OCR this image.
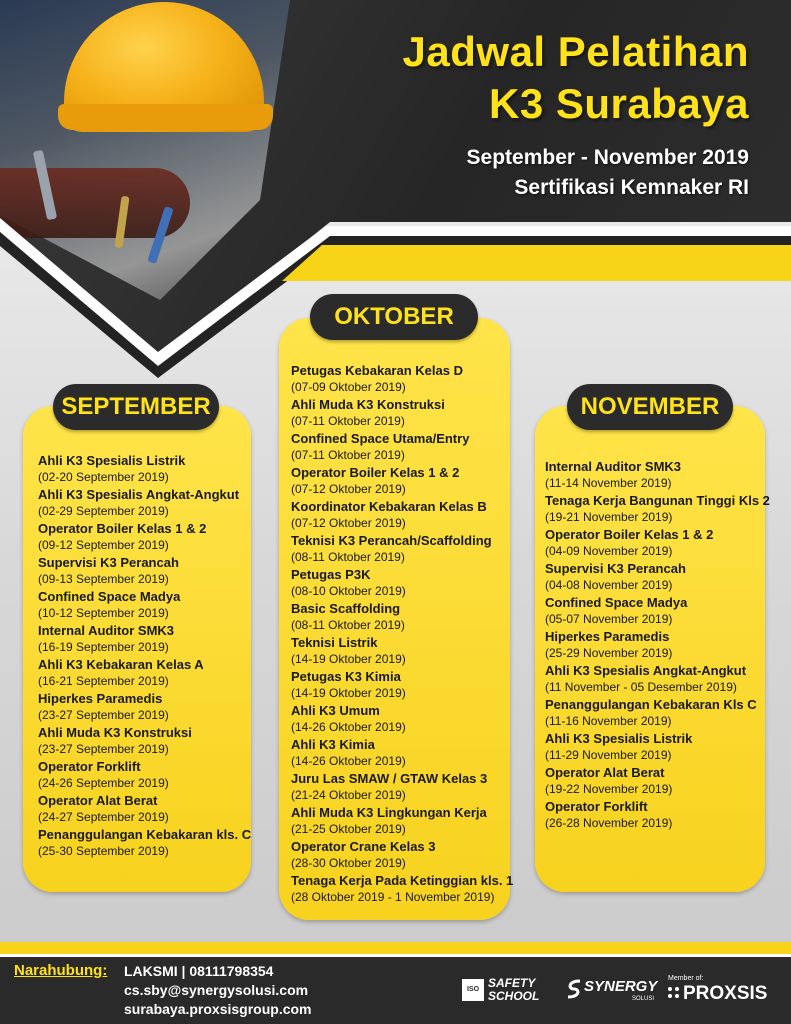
Jadwal Pelatihan
K3 Surabaya
September - November 2019
Sertifikasi Kemnaker RI
OKTOBER
Petugas Kebakaran Kelas D
(07-09 Oktober 2019)
Ahli Muda K3 Konstruksi
(07-11 Oktober 2019)
Confined Space Utama/Entry
(07-11 Oktober 2019)
Operator Boiler Kelas 1 & 2
(07-12 Oktober 2019)
Koordinator Kebakaran Kelas B
(07-12 Oktober 2019)
Teknisi K3 Perancah/Scaffolding
(08-11 Oktober 2019)
Petugas P3K
(08-10 Oktober 2019)
Basic Scaffolding
(08-11 Oktober 2019)
Teknisi Listrik
(14-19 Oktober 2019)
Petugas K3 Kimia
(14-19 Oktober 2019)
Ahli K3 Umum
(14-26 Oktober 2019)
Ahli K3 Kimia
(14-26 Oktober 2019)
Juru Las SMAW / GTAW Kelas 3
(21-24 Oktober 2019)
Ahli Muda K3 Lingkungan Kerja
(21-25 Oktober 2019)
Operator Crane Kelas 3
(28-30 Oktober 2019)
Tenaga Kerja Pada Ketinggian kls. 1
(28 Oktober 2019 - 1 November 2019)
SEPTEMBER
Ahli K3 Spesialis Listrik
(02-20 September 2019)
Ahli K3 Spesialis Angkat-Angkut
(02-29 September 2019)
Operator Boiler Kelas 1 & 2
(09-12 September 2019)
Supervisi K3 Perancah
(09-13 September 2019)
Confined Space Madya
(10-12 September 2019)
Internal Auditor SMK3
(16-19 September 2019)
Ahli K3 Kebakaran Kelas A
(16-21 September 2019)
Hiperkes Paramedis
(23-27 September 2019)
Ahli Muda K3 Konstruksi
(23-27 September 2019)
Operator Forklift
(24-26 September 2019)
Operator Alat Berat
(24-27 September 2019)
Penanggulangan Kebakaran kls. C
(25-30 September 2019)
NOVEMBER
Internal Auditor SMK3
(11-14 November 2019)
Tenaga Kerja Bangunan Tinggi Kls 2
(19-21 November 2019)
Operator Boiler Kelas 1 & 2
(04-09 November 2019)
Supervisi K3 Perancah
(04-08 November 2019)
Confined Space Madya
(05-07 November 2019)
Hiperkes Paramedis
(25-29 November 2019)
Ahli K3 Spesialis Angkat-Angkut
(11 November - 05 Desember 2019)
Penanggulangan Kebakaran Kls C
(11-16 November 2019)
Ahli K3 Spesialis Listrik
(11-29 November 2019)
Operator Alat Berat
(19-22 November 2019)
Operator Forklift
(26-28 November 2019)
Narahubung: LAKSMI | 08111798354
cs.sby@synergysolusi.com
surabaya.proxsisgroup.com
ISO SAFETY
SCHOOL
SYNERGY
SOLUSI
Member of:
PROXSIS
